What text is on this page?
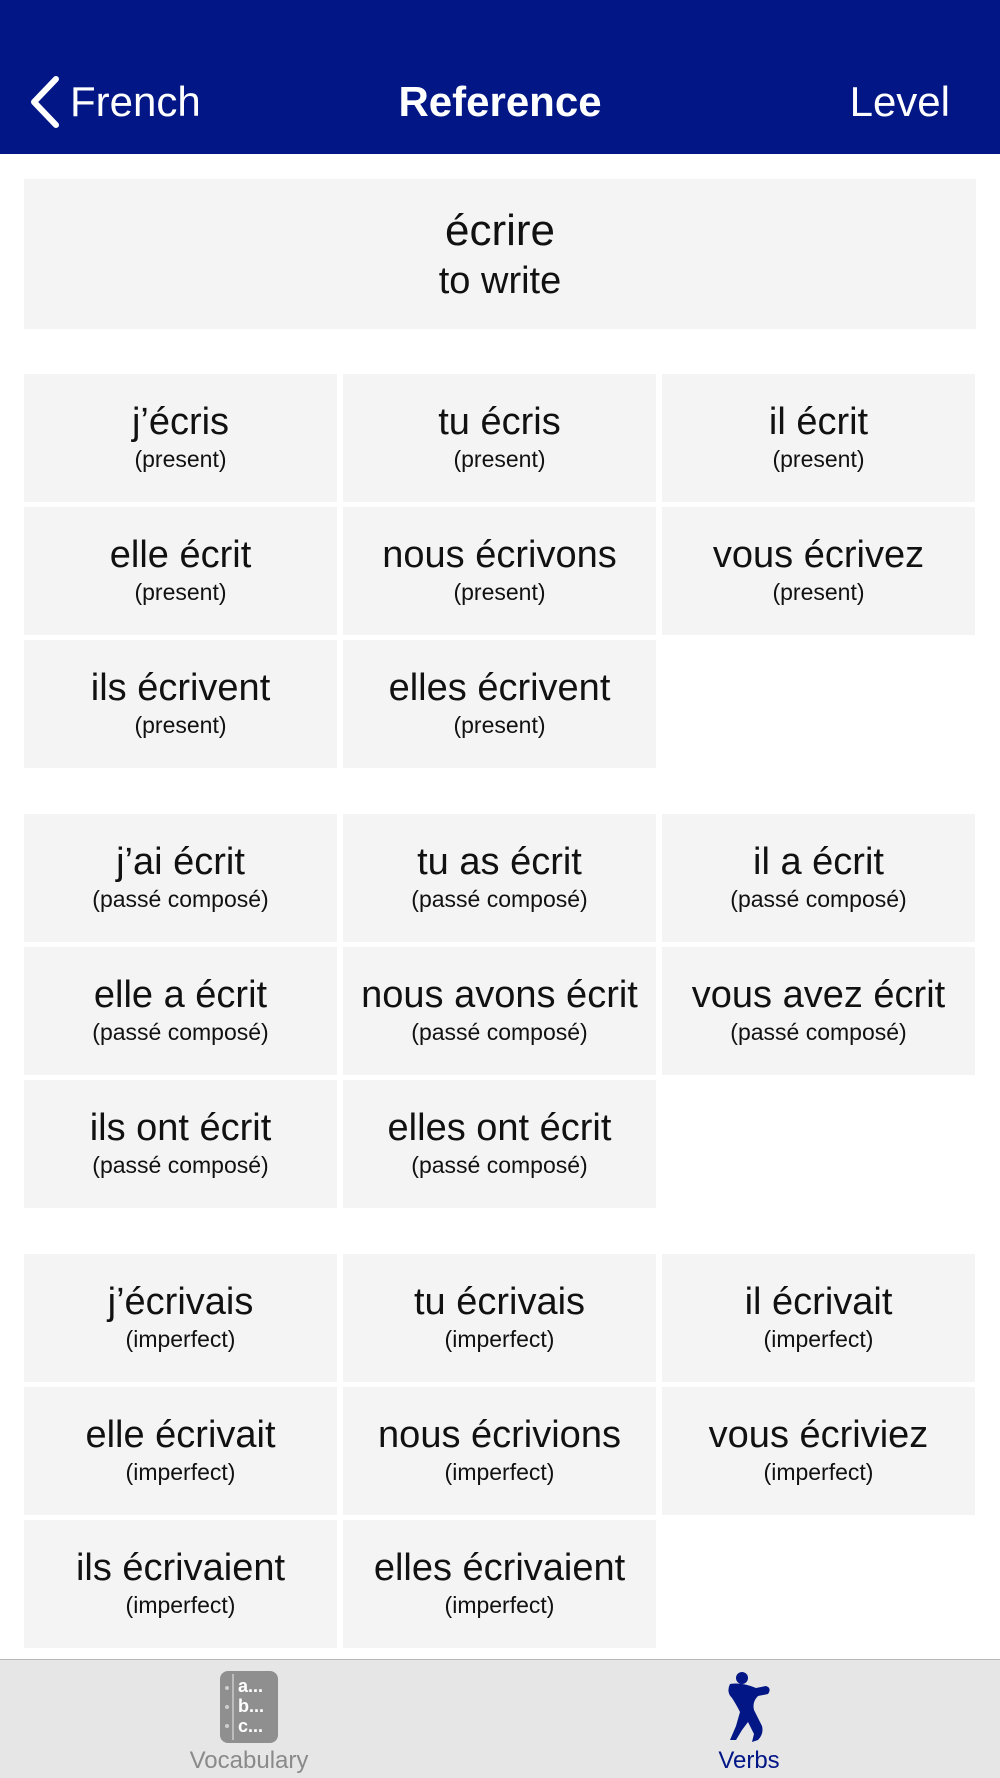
French	Reference	Level
écrire
to write
j’écris
(present)
tu écris
(present)
il écrit
(present)
elle écrit
(present)
nous écrivons
(present)
vous écrivez
(present)
ils écrivent
(present)
elles écrivent
(present)
j’ai écrit
(passé composé)
tu as écrit
(passé composé)
il a écrit
(passé composé)
elle a écrit
(passé composé)
nous avons écrit
(passé composé)
vous avez écrit
(passé composé)
ils ont écrit
(passé composé)
elles ont écrit
(passé composé)
j’écrivais
(imperfect)
tu écrivais
(imperfect)
il écrivait
(imperfect)
elle écrivait
(imperfect)
nous écrivions
(imperfect)
vous écriviez
(imperfect)
ils écrivaient
(imperfect)
elles écrivaient
(imperfect)
a...
b...
c...
Vocabulary	Verbs
